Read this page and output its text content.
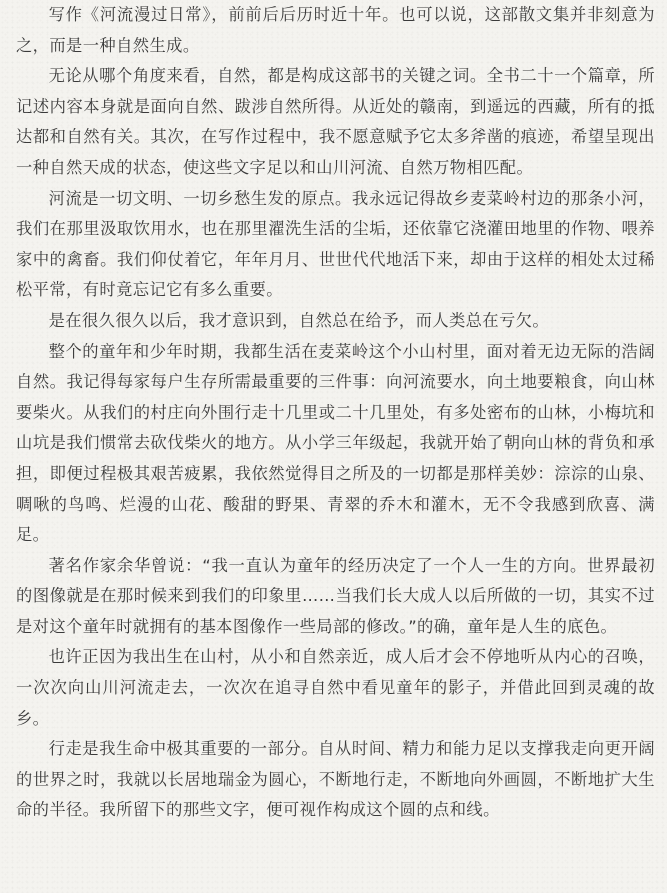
写作《河流漫过日常》，前前后后历时近十年。也可以说，这部散文集并非刻意为之，而是一种自然生成。

无论从哪个角度来看，自然，都是构成这部书的关键之词。全书二十一个篇章，所记述内容本身就是面向自然、跋涉自然所得。从近处的赣南，到遥远的西藏，所有的抵达都和自然有关。其次，在写作过程中，我不愿意赋予它太多斧凿的痕迹，希望呈现出一种自然天成的状态，使这些文字足以和山川河流、自然万物相匹配。

河流是一切文明、一切乡愁生发的原点。我永远记得故乡麦菜岭村边的那条小河，我们在那里汲取饮用水，也在那里濯洗生活的尘垢，还依靠它浇灌田地里的作物、喂养家中的禽畜。我们仰仗着它，年年月月、世世代代地活下来，却由于这样的相处太过稀松平常，有时竟忘记它有多么重要。

是在很久很久以后，我才意识到，自然总在给予，而人类总在亏欠。

整个的童年和少年时期，我都生活在麦菜岭这个小山村里，面对着无边无际的浩阔自然。我记得每家每户生存所需最重要的三件事：向河流要水，向土地要粮食，向山林要柴火。从我们的村庄向外围行走十几里或二十几里处，有多处密布的山林，小梅坑和山坑是我们惯常去砍伐柴火的地方。从小学三年级起，我就开始了朝向山林的背负和承担，即便过程极其艰苦疲累，我依然觉得目之所及的一切都是那样美妙：淙淙的山泉、啁啾的鸟鸣、烂漫的山花、酸甜的野果、青翠的乔木和灌木，无不令我感到欣喜、满足。

著名作家余华曾说：“我一直认为童年的经历决定了一个人一生的方向。世界最初的图像就是在那时候来到我们的印象里……当我们长大成人以后所做的一切，其实不过是对这个童年时就拥有的基本图像作一些局部的修改。”的确，童年是人生的底色。

也许正因为我出生在山村，从小和自然亲近，成人后才会不停地听从内心的召唤，一次次向山川河流走去，一次次在追寻自然中看见童年的影子，并借此回到灵魂的故乡。

行走是我生命中极其重要的一部分。自从时间、精力和能力足以支撑我走向更开阔的世界之时，我就以长居地瑞金为圆心，不断地行走，不断地向外画圆，不断地扩大生命的半径。我所留下的那些文字，便可视作构成这个圆的点和线。
